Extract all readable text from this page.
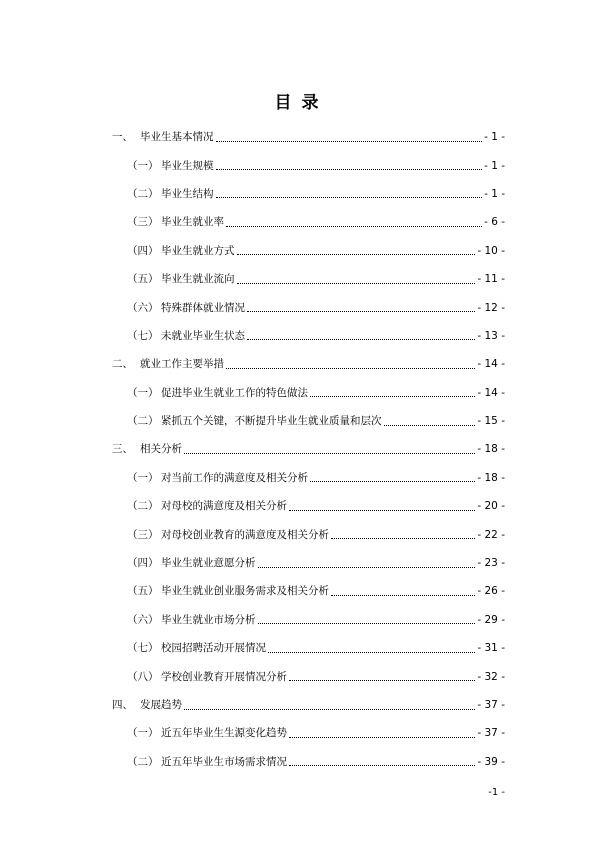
目 录
一、 毕业生基本情况	- 1 -
（一） 毕业生规模	- 1 -
（二） 毕业生结构	- 1 -
（三） 毕业生就业率	- 6 -
（四） 毕业生就业方式	- 10 -
（五） 毕业生就业流向	- 11 -
（六） 特殊群体就业情况	- 12 -
（七） 未就业毕业生状态	- 13 -
二、 就业工作主要举措	- 14 -
（一） 促进毕业生就业工作的特色做法	- 14 -
（二） 紧抓五个关键，不断提升毕业生就业质量和层次	- 15 -
三、 相关分析	- 18 -
（一） 对当前工作的满意度及相关分析	- 18 -
（二） 对母校的满意度及相关分析	- 20 -
（三） 对母校创业教育的满意度及相关分析	- 22 -
（四） 毕业生就业意愿分析	- 23 -
（五） 毕业生就业创业服务需求及相关分析	- 26 -
（六） 毕业生就业市场分析	- 29 -
（七） 校园招聘活动开展情况	- 31 -
（八） 学校创业教育开展情况分析	- 32 -
四、 发展趋势	- 37 -
（一） 近五年毕业生生源变化趋势	- 37 -
（二） 近五年毕业生市场需求情况	- 39 -
-1 -
